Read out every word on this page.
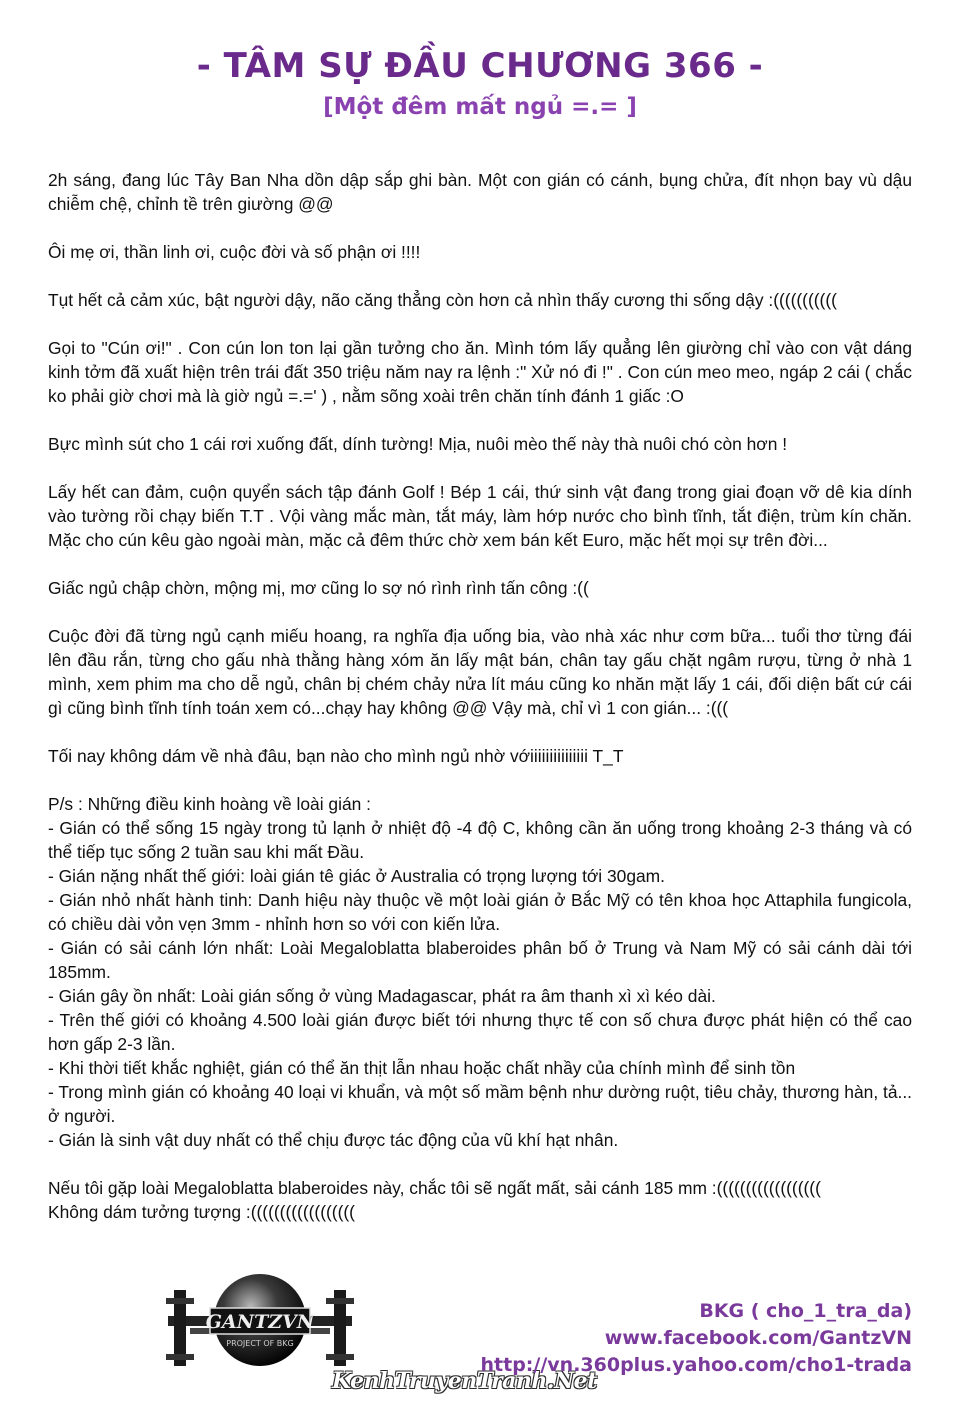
- TÂM SỰ ĐẦU CHƯƠNG 366 -
[Một đêm mất ngủ =.= ]

2h sáng, đang lúc Tây Ban Nha dồn dập sắp ghi bàn. Một con gián có cánh, bụng chửa, đít nhọn bay vù dậu chiễm chệ, chỉnh tề trên giường @@

Ôi mẹ ơi, thần linh ơi, cuộc đời và số phận ơi !!!!

Tụt hết cả cảm xúc, bật người dậy, não căng thẳng còn hơn cả nhìn thấy cương thi sống dậy :(((((((((((

Gọi to "Cún ơi!" . Con cún lon ton lại gần tưởng cho ăn. Mình tóm lấy quẳng lên giường chỉ vào con vật dáng kinh tởm đã xuất hiện trên trái đất 350 triệu năm nay ra lệnh :" Xử nó đi !" . Con cún meo meo, ngáp 2 cái ( chắc ko phải giờ chơi mà là giờ ngủ =.=' ) , nằm sõng xoài trên chăn tính đánh 1 giấc :O

Bực mình sút cho 1 cái rơi xuống đất, dính tường! Mịa, nuôi mèo thế này thà nuôi chó còn hơn !

Lấy hết can đảm, cuộn quyển sách tập đánh Golf ! Bép 1 cái, thứ sinh vật đang trong giai đoạn vỡ dê kia dính vào tường rồi chạy biến T.T . Vội vàng mắc màn, tắt máy, làm hớp nước cho bình tĩnh, tắt điện, trùm kín chăn. Mặc cho cún kêu gào ngoài màn, mặc cả đêm thức chờ xem bán kết Euro, mặc hết mọi sự trên đời...

Giấc ngủ chập chờn, mộng mị, mơ cũng lo sợ nó rình rình tấn công :((

Cuộc đời đã từng ngủ cạnh miếu hoang, ra nghĩa địa uống bia, vào nhà xác như cơm bữa... tuổi thơ từng đái lên đầu rắn, từng cho gấu nhà thằng hàng xóm ăn lấy mật bán, chân tay gấu chặt ngâm rượu, từng ở nhà 1 mình, xem phim ma cho dễ ngủ, chân bị chém chảy nửa lít máu cũng ko nhăn mặt lấy 1 cái, đối diện bất cứ cái gì cũng bình tĩnh tính toán xem có...chạy hay không @@ Vậy mà, chỉ vì 1 con gián... :(((

Tối nay không dám về nhà đâu, bạn nào cho mình ngủ nhờ vớiiiiiiiiiiiiiii T_T

P/s : Những điều kinh hoàng về loài gián :
- Gián có thể sống 15 ngày trong tủ lạnh ở nhiệt độ -4 độ C, không cần ăn uống trong khoảng 2-3 tháng và có thể tiếp tục sống 2 tuần sau khi mất Đầu.
- Gián nặng nhất thế giới: loài gián tê giác ở Australia có trọng lượng tới 30gam.
- Gián nhỏ nhất hành tinh: Danh hiệu này thuộc về một loài gián ở Bắc Mỹ có tên khoa học Attaphila fungicola, có chiều dài vỏn vẹn 3mm - nhỉnh hơn so với con kiến lửa.
- Gián có sải cánh lớn nhất: Loài Megaloblatta blaberoides phân bố ở Trung và Nam Mỹ có sải cánh dài tới 185mm.
- Gián gây ồn nhất: Loài gián sống ở vùng Madagascar, phát ra âm thanh xì xì kéo dài.
- Trên thế giới có khoảng 4.500 loài gián được biết tới nhưng thực tế con số chưa được phát hiện có thể cao hơn gấp 2-3 lần.
- Khi thời tiết khắc nghiệt, gián có thể ăn thịt lẫn nhau hoặc chất nhầy của chính mình để sinh tồn
- Trong mình gián có khoảng 40 loại vi khuẩn, và một số mầm bệnh như dường ruột, tiêu chảy, thương hàn, tả... ở người.
- Gián là sinh vật duy nhất có thể chịu được tác động của vũ khí hạt nhân.
Nếu tôi gặp loài Megaloblatta blaberoides này, chắc tôi sẽ ngất mất, sải cánh 185 mm :((((((((((((((((((
Không dám tưởng tượng :((((((((((((((((((
GANTZVN
PROJECT OF BKG
KenhTruyenTranh.Net
BKG ( cho_1_tra_da)
www.facebook.com/GantzVN
http://vn.360plus.yahoo.com/cho1-trada
